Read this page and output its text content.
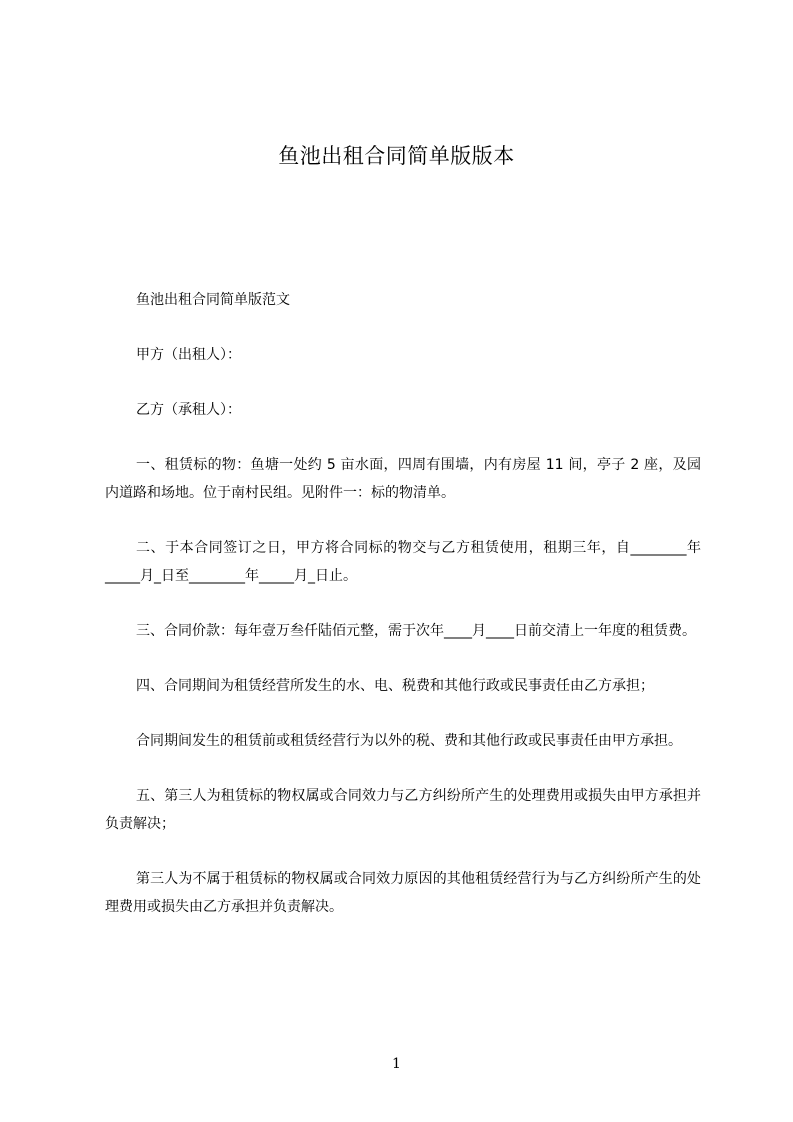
鱼池出租合同简单版版本

鱼池出租合同简单版范文

甲方（出租人）：

乙方（承租人）：

一、租赁标的物：鱼塘一处约 5 亩水面，四周有围墙，内有房屋 11 间，亭子 2 座，及园内道路和场地。位于南村民组。见附件一：标的物清单。

二、于本合同签订之日，甲方将合同标的物交与乙方租赁使用，租期三年，自________年_____月_日至________年_____月_日止。

三、合同价款：每年壹万叁仟陆佰元整，需于次年____月____日前交清上一年度的租赁费。

四、合同期间为租赁经营所发生的水、电、税费和其他行政或民事责任由乙方承担；

合同期间发生的租赁前或租赁经营行为以外的税、费和其他行政或民事责任由甲方承担。

五、第三人为租赁标的物权属或合同效力与乙方纠纷所产生的处理费用或损失由甲方承担并负责解决；

第三人为不属于租赁标的物权属或合同效力原因的其他租赁经营行为与乙方纠纷所产生的处理费用或损失由乙方承担并负责解决。

1
